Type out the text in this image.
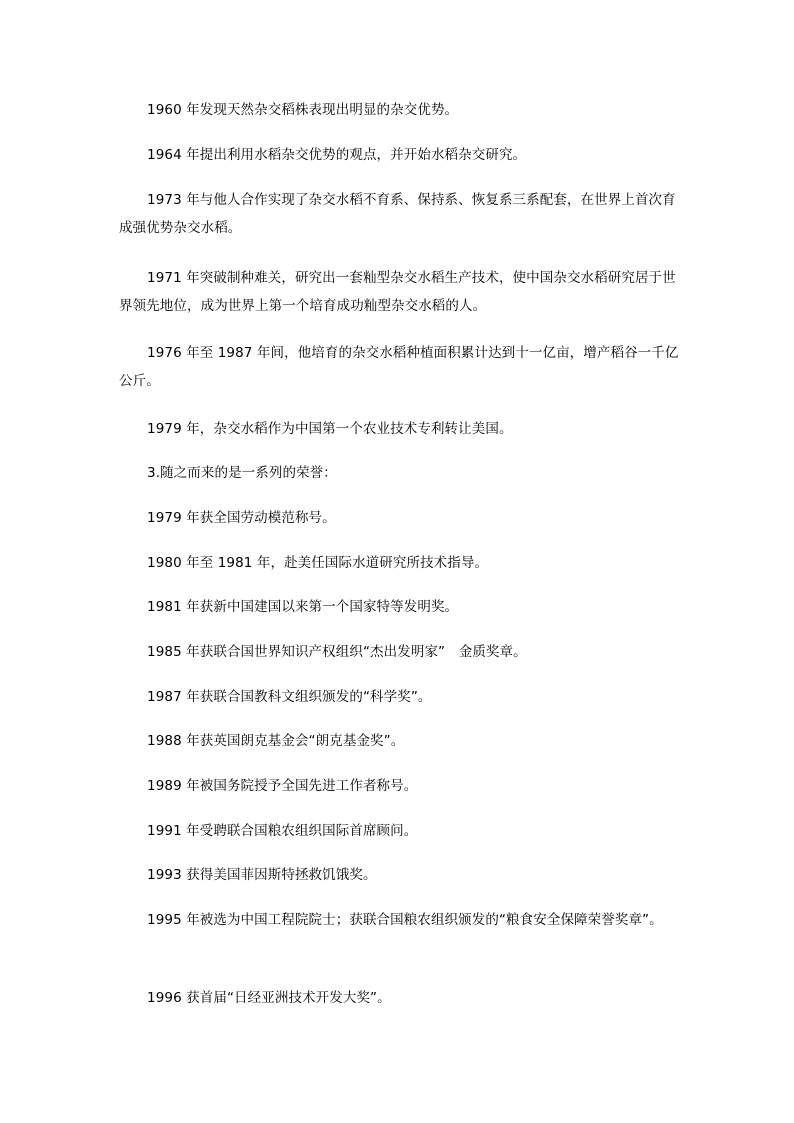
1960 年发现天然杂交稻株表现出明显的杂交优势。

1964 年提出利用水稻杂交优势的观点，并开始水稻杂交研究。

1973 年与他人合作实现了杂交水稻不育系、保持系、恢复系三系配套，在世界上首次育成强优势杂交水稻。

1971 年突破制种难关，研究出一套籼型杂交水稻生产技术，使中国杂交水稻研究居于世界领先地位，成为世界上第一个培育成功籼型杂交水稻的人。

1976 年至 1987 年间，他培育的杂交水稻种植面积累计达到十一亿亩，增产稻谷一千亿公斤。

1979 年，杂交水稻作为中国第一个农业技术专利转让美国。

3.随之而来的是一系列的荣誉：

1979 年获全国劳动模范称号。

1980 年至 1981 年，赴美任国际水道研究所技术指导。

1981 年获新中国建国以来第一个国家特等发明奖。

1985 年获联合国世界知识产权组织“杰出发明家”　金质奖章。

1987 年获联合国教科文组织颁发的“科学奖”。

1988 年获英国朗克基金会“朗克基金奖”。

1989 年被国务院授予全国先进工作者称号。

1991 年受聘联合国粮农组织国际首席顾问。

1993 获得美国菲因斯特拯救饥饿奖。

1995 年被选为中国工程院院士；获联合国粮农组织颁发的“粮食安全保障荣誉奖章”。

1996 获首届“日经亚洲技术开发大奖”。
